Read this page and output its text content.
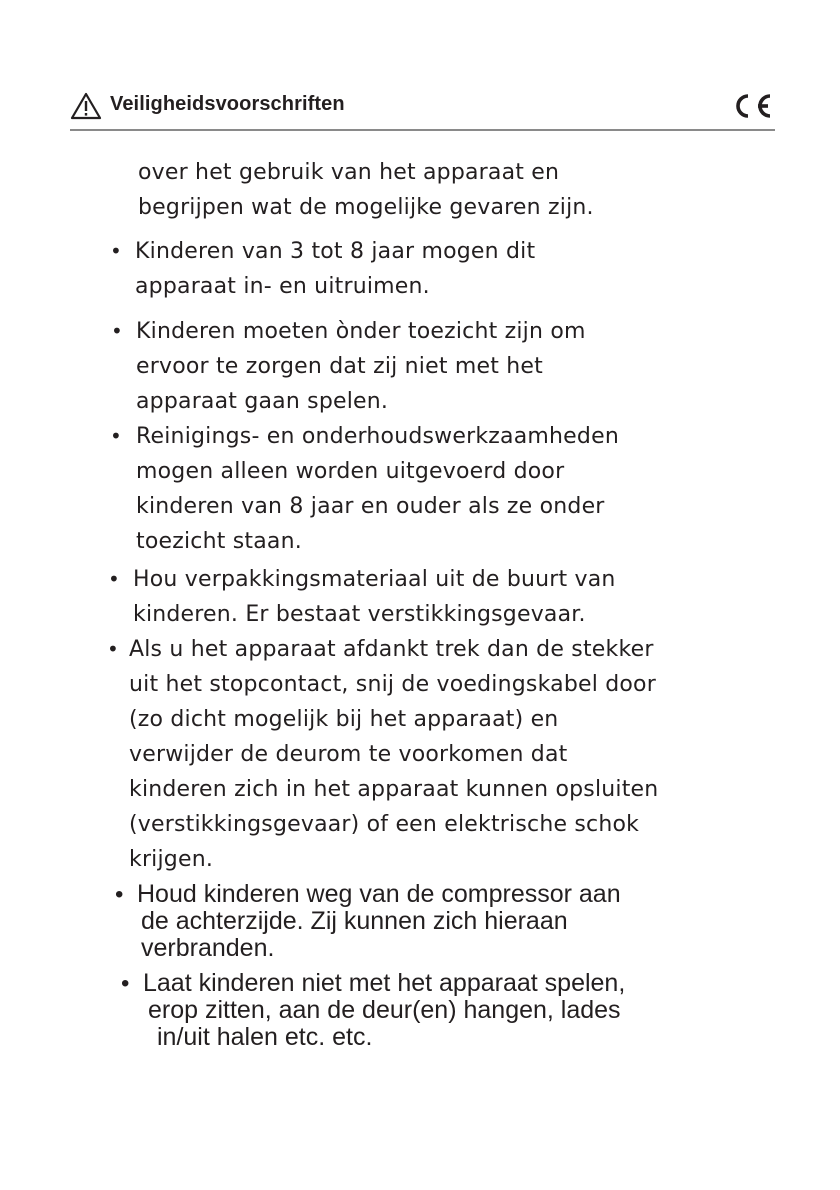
Veiligheidsvoorschriften
over het gebruik van het apparaat en
begrijpen wat de mogelijke gevaren zijn.
• Kinderen van 3 tot 8 jaar mogen dit
apparaat in- en uitruimen.
• Kinderen moeten ònder toezicht zijn om
ervoor te zorgen dat zij niet met het
apparaat gaan spelen.
• Reinigings- en onderhoudswerkzaamheden
mogen alleen worden uitgevoerd door
kinderen van 8 jaar en ouder als ze onder
toezicht staan.
• Hou verpakkingsmateriaal uit de buurt van
kinderen. Er bestaat verstikkingsgevaar.
• Als u het apparaat afdankt trek dan de stekker
uit het stopcontact, snij de voedingskabel door
(zo dicht mogelijk bij het apparaat) en
verwijder de deurom te voorkomen dat
kinderen zich in het apparaat kunnen opsluiten
(verstikkingsgevaar) of een elektrische schok
krijgen.
• Houd kinderen weg van de compressor aan
de achterzijde. Zij kunnen zich hieraan
verbranden.
• Laat kinderen niet met het apparaat spelen,
erop zitten, aan de deur(en) hangen, lades
in/uit halen etc. etc.
